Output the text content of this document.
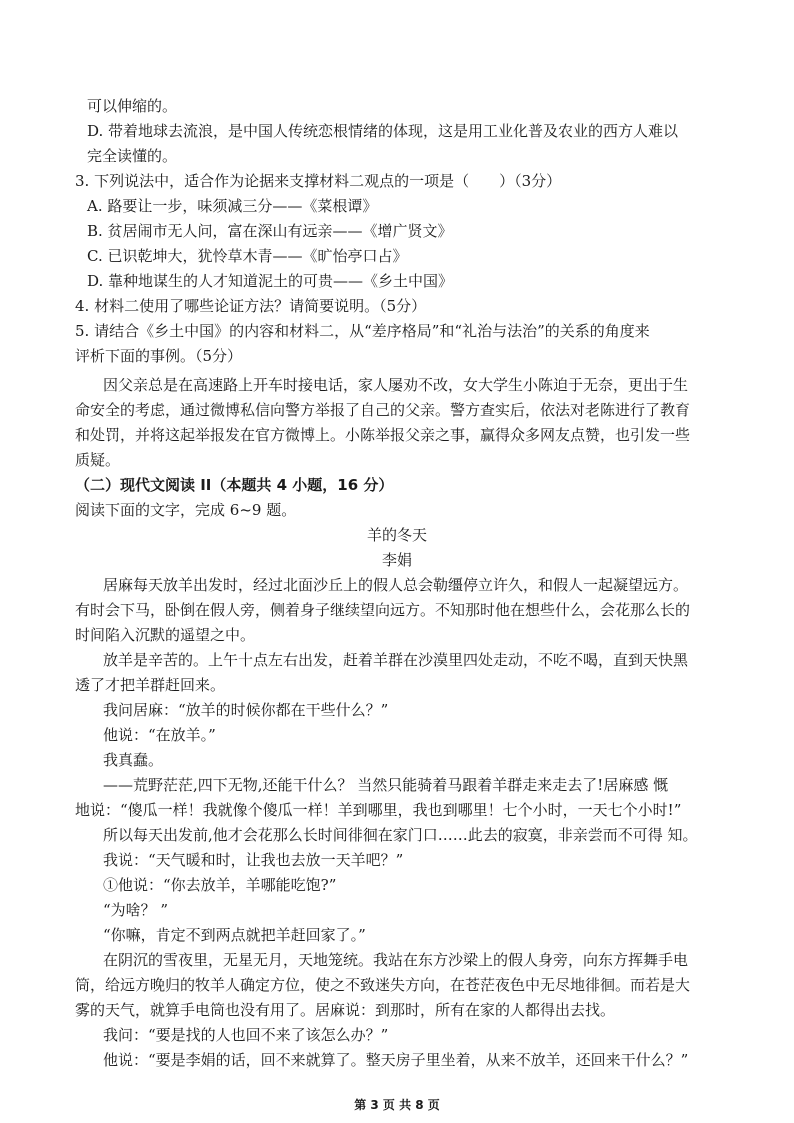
可以伸缩的。
D. 带着地球去流浪，是中国人传统恋根情绪的体现，这是用工业化普及农业的西方人难以
完全读懂的。
3. 下列说法中，适合作为论据来支撑材料二观点的一项是（　　）（3分）
A. 路要让一步，味须减三分——《菜根谭》
B. 贫居闹市无人问，富在深山有远亲——《增广贤文》
C. 已识乾坤大，犹怜草木青——《旷怡亭口占》
D. 靠种地谋生的人才知道泥土的可贵——《乡土中国》
4. 材料二使用了哪些论证方法？请简要说明。（5分）
5. 请结合《乡土中国》的内容和材料二，从“差序格局”和“礼治与法治”的关系的角度来
评析下面的事例。（5分）
因父亲总是在高速路上开车时接电话，家人屡劝不改，女大学生小陈迫于无奈，更出于生
命安全的考虑，通过微博私信向警方举报了自己的父亲。警方查实后，依法对老陈进行了教育
和处罚，并将这起举报发在官方微博上。小陈举报父亲之事，赢得众多网友点赞，也引发一些
质疑。
（二）现代文阅读 II（本题共 4 小题，16 分）
阅读下面的文字，完成 6~9 题。
羊的冬天
李娟
居麻每天放羊出发时，经过北面沙丘上的假人总会勒缰停立许久，和假人一起凝望远方。
有时会下马，卧倒在假人旁，侧着身子继续望向远方。不知那时他在想些什么，会花那么长的
时间陷入沉默的遥望之中。
放羊是辛苦的。上午十点左右出发，赶着羊群在沙漠里四处走动，不吃不喝，直到天快黑
透了才把羊群赶回来。
我问居麻：“放羊的时候你都在干些什么？”
他说：“在放羊。”
我真蠢。
——荒野茫茫,四下无物,还能干什么？ 当然只能骑着马跟着羊群走来走去了!居麻感 慨
地说：“傻瓜一样！我就像个傻瓜一样！羊到哪里，我也到哪里！七个小时，一天七个小时!”
所以每天出发前,他才会花那么长时间徘徊在家门口……此去的寂寞，非亲尝而不可得 知。
我说：“天气暖和时，让我也去放一天羊吧？”
①他说：“你去放羊，羊哪能吃饱?”
“为啥？ ”
“你嘛，肯定不到两点就把羊赶回家了。”
在阴沉的雪夜里，无星无月，天地笼统。我站在东方沙梁上的假人身旁，向东方挥舞手电
筒，给远方晚归的牧羊人确定方位，使之不致迷失方向，在苍茫夜色中无尽地徘徊。而若是大
雾的天气，就算手电筒也没有用了。居麻说：到那时，所有在家的人都得出去找。
我问：“要是找的人也回不来了该怎么办？”
他说：“要是李娟的话，回不来就算了。整天房子里坐着，从来不放羊，还回来干什么？”
第 3 页 共 8 页
